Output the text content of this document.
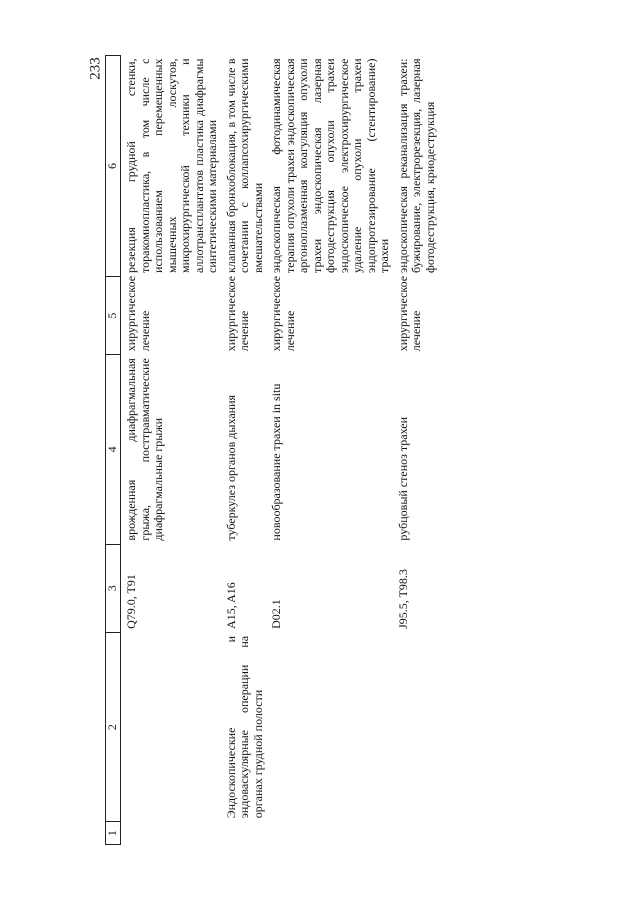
233
1	2	3	4	5	6
		Q79.0, T91	врожденная диафрагмальная грыжа, посттравматические диафрагмальные грыжи	хирургическое лечение	резекция грудной стенки, торакомиопластика, в том числе с использованием перемещенных мышечных лоскутов, микрохирургической техники и аллотрансплантатов пластика диафрагмы синтетическими материалами
	Эндоскопические и эндоваскулярные операции на органах грудной полости	A15, A16	туберкулез органов дыхания	хирургическое лечение	клапанная бронхоблокация, в том числе в сочетании с коллапсохирургическими вмешательствами
		D02.1	новообразование трахеи in situ	хирургическое лечение	эндоскопическая фотодинамическая терапия опухоли трахеи эндоскопическая аргоноплазменная коагуляция опухоли трахеи эндоскопическая лазерная фотодеструкция опухоли трахеи эндоскопическое электрохирургическое удаление опухоли трахеи эндопротезирование (стентирование) трахеи
		J95.5, T98.3	рубцовый стеноз трахеи	хирургическое лечение	эндоскопическая реканализация трахеи: бужирование, электрорезекция, лазерная фотодеструкция, криодеструкция
